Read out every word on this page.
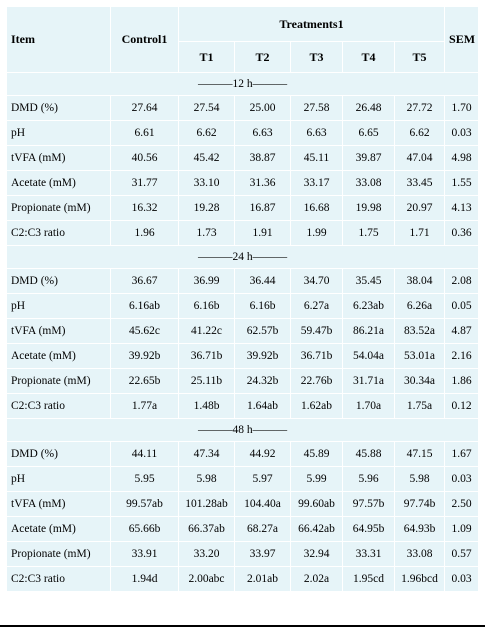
Item	Control1	Treatments1					SEM
		T1	T2	T3	T4	T5	
———12 h———							
DMD (%)	27.64	27.54	25.00	27.58	26.48	27.72	1.70
pH	6.61	6.62	6.63	6.63	6.65	6.62	0.03
tVFA (mM)	40.56	45.42	38.87	45.11	39.87	47.04	4.98
Acetate (mM)	31.77	33.10	31.36	33.17	33.08	33.45	1.55
Propionate (mM)	16.32	19.28	16.87	16.68	19.98	20.97	4.13
C2:C3 ratio	1.96	1.73	1.91	1.99	1.75	1.71	0.36
———24 h———							
DMD (%)	36.67	36.99	36.44	34.70	35.45	38.04	2.08
pH	6.16ab	6.16b	6.16b	6.27a	6.23ab	6.26a	0.05
tVFA (mM)	45.62c	41.22c	62.57b	59.47b	86.21a	83.52a	4.87
Acetate (mM)	39.92b	36.71b	39.92b	36.71b	54.04a	53.01a	2.16
Propionate (mM)	22.65b	25.11b	24.32b	22.76b	31.71a	30.34a	1.86
C2:C3 ratio	1.77a	1.48b	1.64ab	1.62ab	1.70a	1.75a	0.12
———48 h———							
DMD (%)	44.11	47.34	44.92	45.89	45.88	47.15	1.67
pH	5.95	5.98	5.97	5.99	5.96	5.98	0.03
tVFA (mM)	99.57ab	101.28ab	104.40a	99.60ab	97.57b	97.74b	2.50
Acetate (mM)	65.66b	66.37ab	68.27a	66.42ab	64.95b	64.93b	1.09
Propionate (mM)	33.91	33.20	33.97	32.94	33.31	33.08	0.57
C2:C3 ratio	1.94d	2.00abc	2.01ab	2.02a	1.95cd	1.96bcd	0.03
